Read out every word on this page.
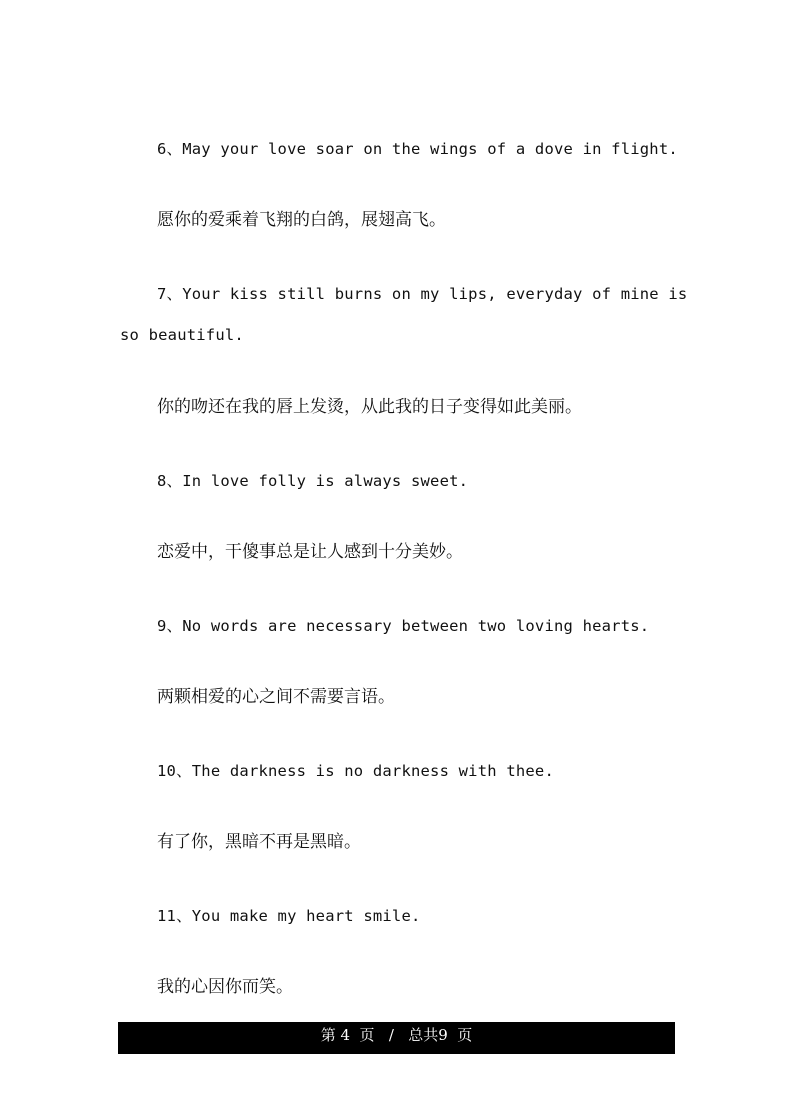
6、May your love soar on the wings of a dove in flight.
愿你的爱乘着飞翔的白鸽，展翅高飞。
7、Your kiss still burns on my lips, everyday of mine is
so beautiful.
你的吻还在我的唇上发烫，从此我的日子变得如此美丽。
8、In love folly is always sweet.
恋爱中，干傻事总是让人感到十分美妙。
9、No words are necessary between two loving hearts.
两颗相爱的心之间不需要言语。
10、The darkness is no darkness with thee.
有了你，黑暗不再是黑暗。
11、You make my heart smile.
我的心因你而笑。
第 4  页   /   总共9  页
